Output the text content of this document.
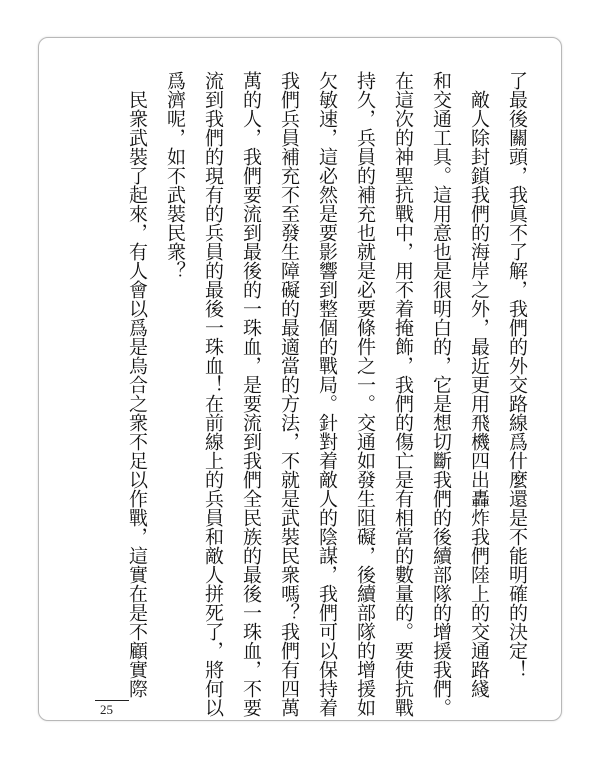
了最後關頭，我眞不了解，我們的外交路線爲什麼還是不能明確的決定！
　敵人除封鎖我們的海岸之外，最近更用飛機四出轟炸我們陸上的交通路綫
和交通工具。這用意也是很明白的，它是想切斷我們的後續部隊的增援我們。
在這次的神聖抗戰中，用不着掩飾，我們的傷亡是有相當的數量的。要使抗戰
持久，兵員的補充也就是必要條件之一。交通如發生阻礙，後續部隊的增援如
欠敏速，這必然是要影響到整個的戰局。針對着敵人的陰謀，我們可以保持着
我們兵員補充不至發生障礙的最適當的方法，不就是武裝民衆嗎？我們有四萬
萬的人，我們要流到最後的一珠血，是要流到我們全民族的最後一珠血，不要
流到我們的現有的兵員的最後一珠血！在前線上的兵員和敵人拼死了，將何以
爲濟呢，如不武裝民衆？
　民衆武裝了起來，有人會以爲是烏合之衆不足以作戰，這實在是不顧實際
25
